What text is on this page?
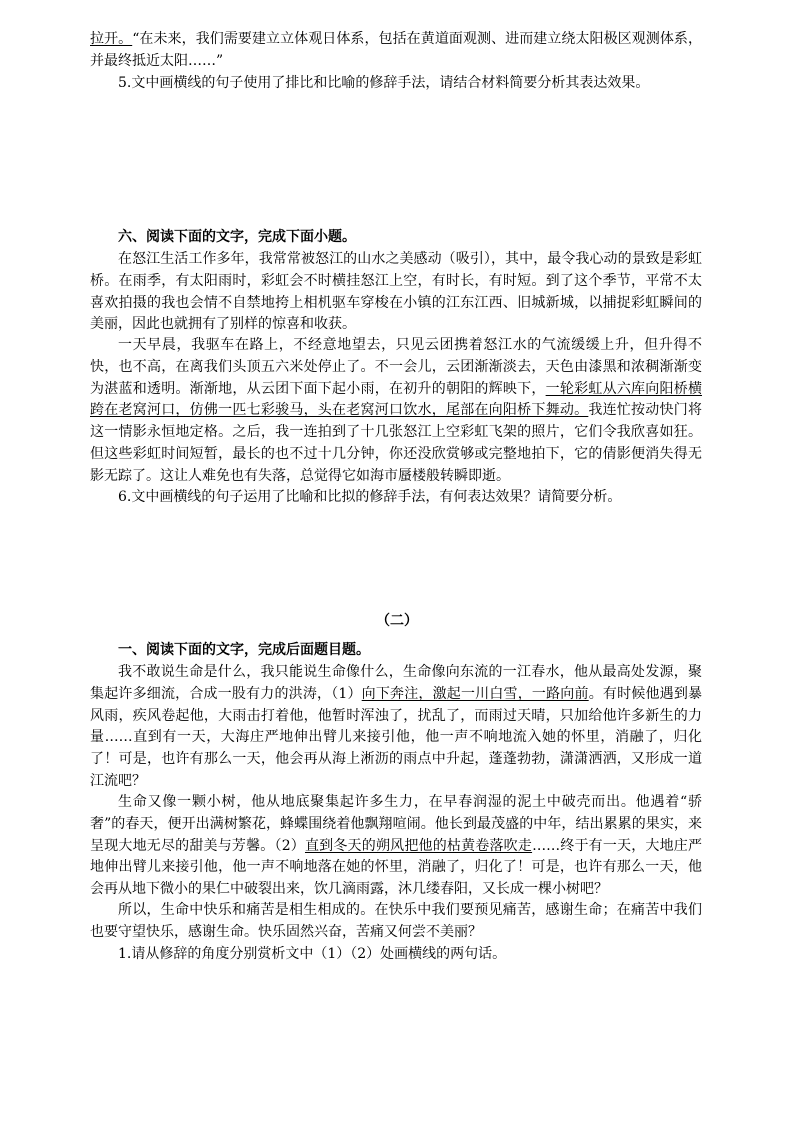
拉开。“在未来，我们需要建立立体观日体系，包括在黄道面观测、进而建立绕太阳极区观测体系，并最终抵近太阳……”

5.文中画横线的句子使用了排比和比喻的修辞手法，请结合材料简要分析其表达效果。

六、阅读下面的文字，完成下面小题。

在怒江生活工作多年，我常常被怒江的山水之美感动（吸引），其中，最令我心动的景致是彩虹桥。在雨季，有太阳雨时，彩虹会不时横挂怒江上空，有时长，有时短。到了这个季节，平常不太喜欢拍摄的我也会情不自禁地挎上相机驱车穿梭在小镇的江东江西、旧城新城，以捕捉彩虹瞬间的美丽，因此也就拥有了别样的惊喜和收获。

一天早晨，我驱车在路上，不经意地望去，只见云团携着怒江水的气流缓缓上升，但升得不快，也不高，在离我们头顶五六米处停止了。不一会儿，云团渐渐淡去，天色由漆黑和浓稠渐渐变为湛蓝和透明。渐渐地，从云团下面下起小雨，在初升的朝阳的辉映下，一轮彩虹从六库向阳桥横跨在老窝河口，仿佛一匹七彩骏马，头在老窝河口饮水，尾部在向阳桥下舞动。我连忙按动快门将这一情影永恒地定格。之后，我一连拍到了十几张怒江上空彩虹飞架的照片，它们令我欣喜如狂。但这些彩虹时间短暂，最长的也不过十几分钟，你还没欣赏够或完整地拍下，它的倩影便消失得无影无踪了。这让人难免也有失落，总觉得它如海市蜃楼般转瞬即逝。

6.文中画横线的句子运用了比喻和比拟的修辞手法，有何表达效果？请简要分析。

（二）

一、阅读下面的文字，完成后面题目题。

我不敢说生命是什么，我只能说生命像什么，生命像向东流的一江春水，他从最高处发源，聚集起许多细流，合成一股有力的洪涛，（1）向下奔注，激起一川白雪，一路向前。有时候他遇到暴风雨，疾风卷起他，大雨击打着他，他暂时浑浊了，扰乱了，而雨过天晴，只加给他许多新生的力量……直到有一天，大海庄严地伸出臂儿来接引他，他一声不响地流入她的怀里，消融了，归化了！可是，也许有那么一天，他会再从海上淅沥的雨点中升起，蓬蓬勃勃，潇潇洒洒，又形成一道江流吧？

生命又像一颗小树，他从地底聚集起许多生力，在早春润湿的泥土中破壳而出。他遇着“骄奢”的春天，便开出满树繁花，蜂蝶围绕着他飘翔喧闹。他长到最茂盛的中年，结出累累的果实，来呈现大地无尽的甜美与芳馨。（2）直到冬天的朔风把他的枯黄卷落吹走……终于有一天，大地庄严地伸出臂儿来接引他，他一声不响地落在她的怀里，消融了，归化了！可是，也许有那么一天，他会再从地下微小的果仁中破裂出来，饮几滴雨露，沐几缕春阳，又长成一棵小树吧？

所以，生命中快乐和痛苦是相生相成的。在快乐中我们要预见痛苦，感谢生命；在痛苦中我们也要守望快乐，感谢生命。快乐固然兴奋，苦痛又何尝不美丽？

1.请从修辞的角度分别赏析文中（1）（2）处画横线的两句话。
